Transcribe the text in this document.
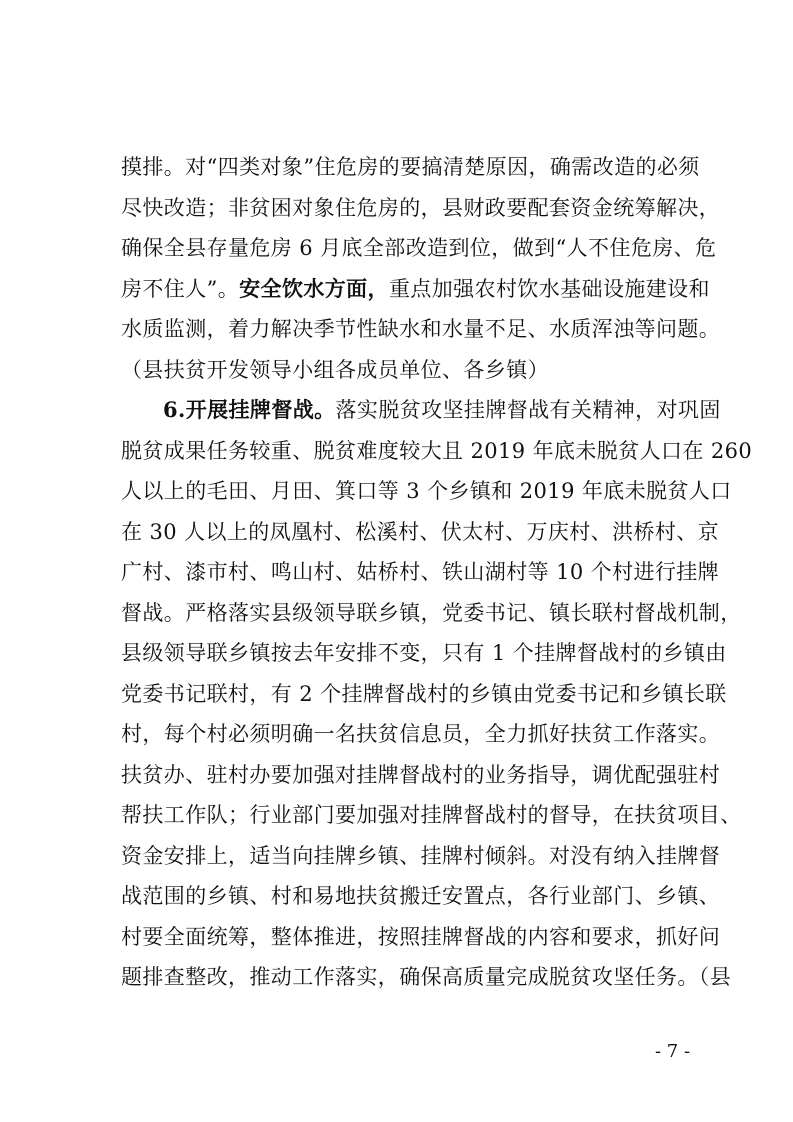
摸排。对“四类对象”住危房的要搞清楚原因，确需改造的必须
尽快改造；非贫困对象住危房的，县财政要配套资金统筹解决，
确保全县存量危房 6 月底全部改造到位，做到“人不住危房、危
房不住人”。安全饮水方面，重点加强农村饮水基础设施建设和
水质监测，着力解决季节性缺水和水量不足、水质浑浊等问题。
（县扶贫开发领导小组各成员单位、各乡镇）
6.开展挂牌督战。落实脱贫攻坚挂牌督战有关精神，对巩固
脱贫成果任务较重、脱贫难度较大且 2019 年底未脱贫人口在 260
人以上的毛田、月田、箕口等 3 个乡镇和 2019 年底未脱贫人口
在 30 人以上的凤凰村、松溪村、伏太村、万庆村、洪桥村、京
广村、漆市村、鸣山村、姑桥村、铁山湖村等 10 个村进行挂牌
督战。严格落实县级领导联乡镇，党委书记、镇长联村督战机制，
县级领导联乡镇按去年安排不变，只有 1 个挂牌督战村的乡镇由
党委书记联村，有 2 个挂牌督战村的乡镇由党委书记和乡镇长联
村，每个村必须明确一名扶贫信息员，全力抓好扶贫工作落实。
扶贫办、驻村办要加强对挂牌督战村的业务指导，调优配强驻村
帮扶工作队；行业部门要加强对挂牌督战村的督导，在扶贫项目、
资金安排上，适当向挂牌乡镇、挂牌村倾斜。对没有纳入挂牌督
战范围的乡镇、村和易地扶贫搬迁安置点，各行业部门、乡镇、
村要全面统筹，整体推进，按照挂牌督战的内容和要求，抓好问
题排查整改，推动工作落实，确保高质量完成脱贫攻坚任务。（县
- 7 -
